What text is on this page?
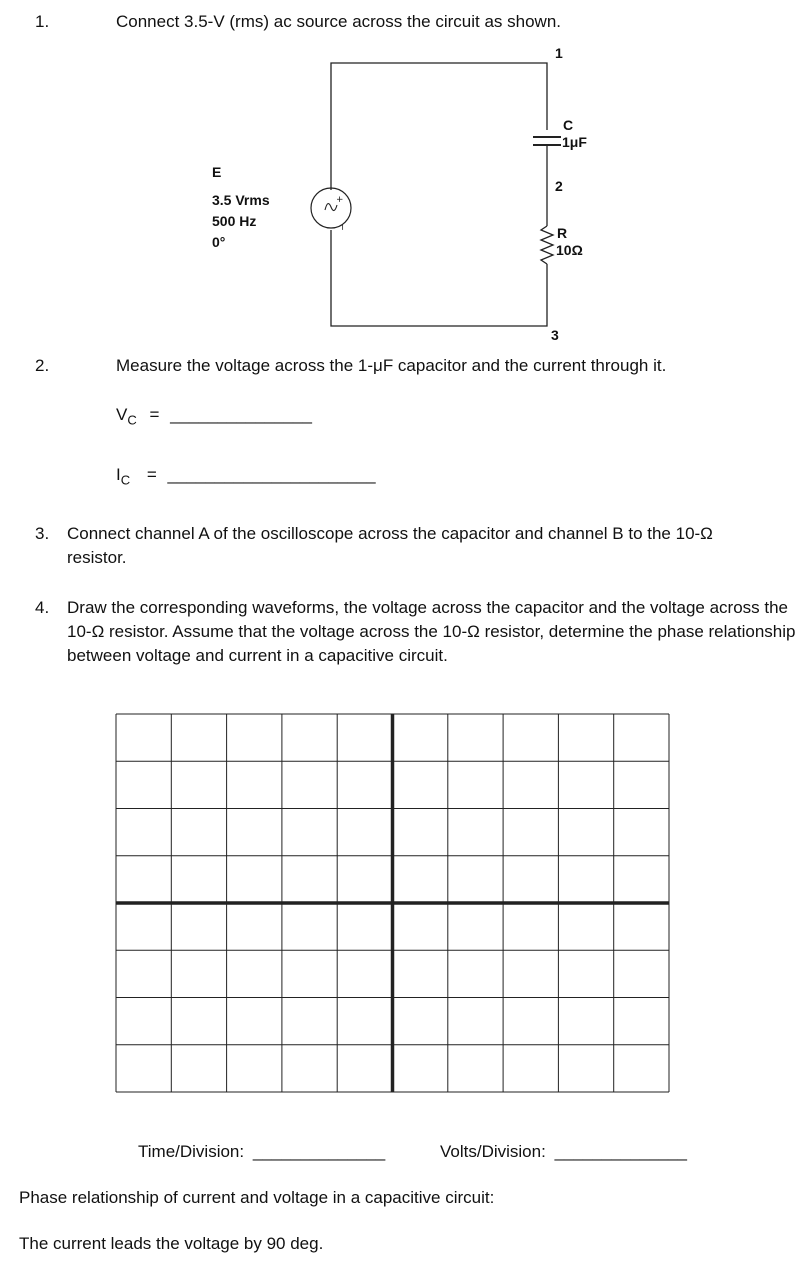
1.	Connect 3.5-V (rms) ac source across the circuit as shown.
+
−
E
3.5 Vrms
500 Hz
0°
1
C
1μF
2
R
10Ω
3
2.	Measure the voltage across the 1-μF capacitor and the current through it.
$V_C$ = _______________
$I_C$ = ______________________
3. Connect channel A of the oscilloscope across the capacitor and channel B to the 10-Ω resistor.
4. Draw the corresponding waveforms, the voltage across the capacitor and the voltage across the 10-Ω resistor. Assume that the voltage across the 10-Ω resistor, determine the phase relationship between voltage and current in a capacitive circuit.
Time/Division: ______________	Volts/Division: ______________
Phase relationship of current and voltage in a capacitive circuit:
The current leads the voltage by 90 deg.
